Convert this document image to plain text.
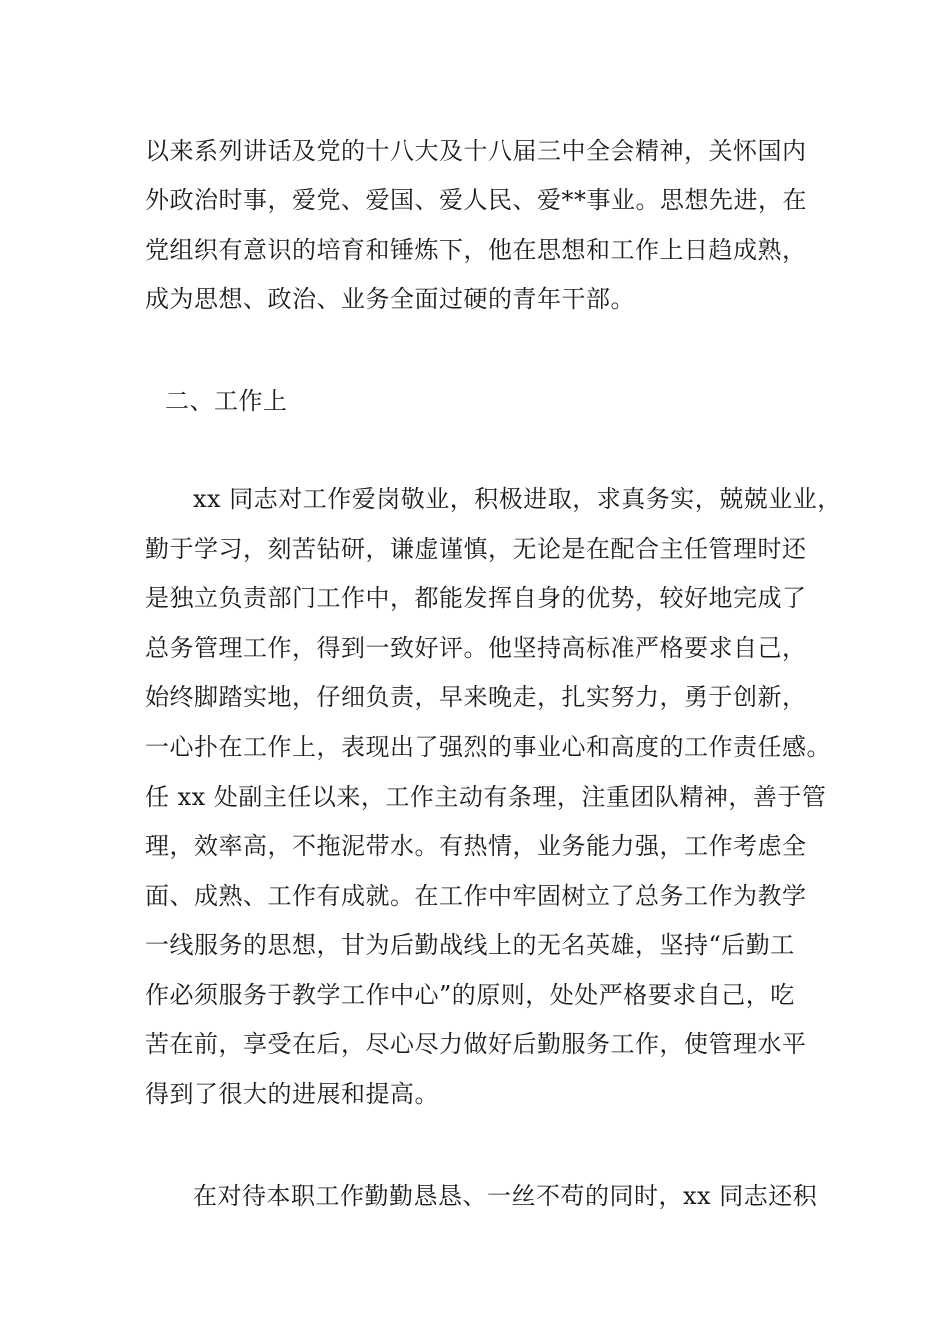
以来系列讲话及党的十八大及十八届三中全会精神，关怀国内
外政治时事，爱党、爱国、爱人民、爱**事业。思想先进，在
党组织有意识的培育和锤炼下，他在思想和工作上日趋成熟，
成为思想、政治、业务全面过硬的青年干部。
二、工作上
xx 同志对工作爱岗敬业，积极进取，求真务实，兢兢业业，
勤于学习，刻苦钻研，谦虚谨慎，无论是在配合主任管理时还
是独立负责部门工作中，都能发挥自身的优势，较好地完成了
总务管理工作，得到一致好评。他坚持高标准严格要求自己，
始终脚踏实地，仔细负责，早来晚走，扎实努力，勇于创新，
一心扑在工作上，表现出了强烈的事业心和高度的工作责任感。
任 xx 处副主任以来，工作主动有条理，注重团队精神，善于管
理，效率高，不拖泥带水。有热情，业务能力强，工作考虑全
面、成熟、工作有成就。在工作中牢固树立了总务工作为教学
一线服务的思想，甘为后勤战线上的无名英雄，坚持“后勤工
作必须服务于教学工作中心”的原则，处处严格要求自己，吃
苦在前，享受在后，尽心尽力做好后勤服务工作，使管理水平
得到了很大的进展和提高。
在对待本职工作勤勤恳恳、一丝不苟的同时，xx 同志还积
